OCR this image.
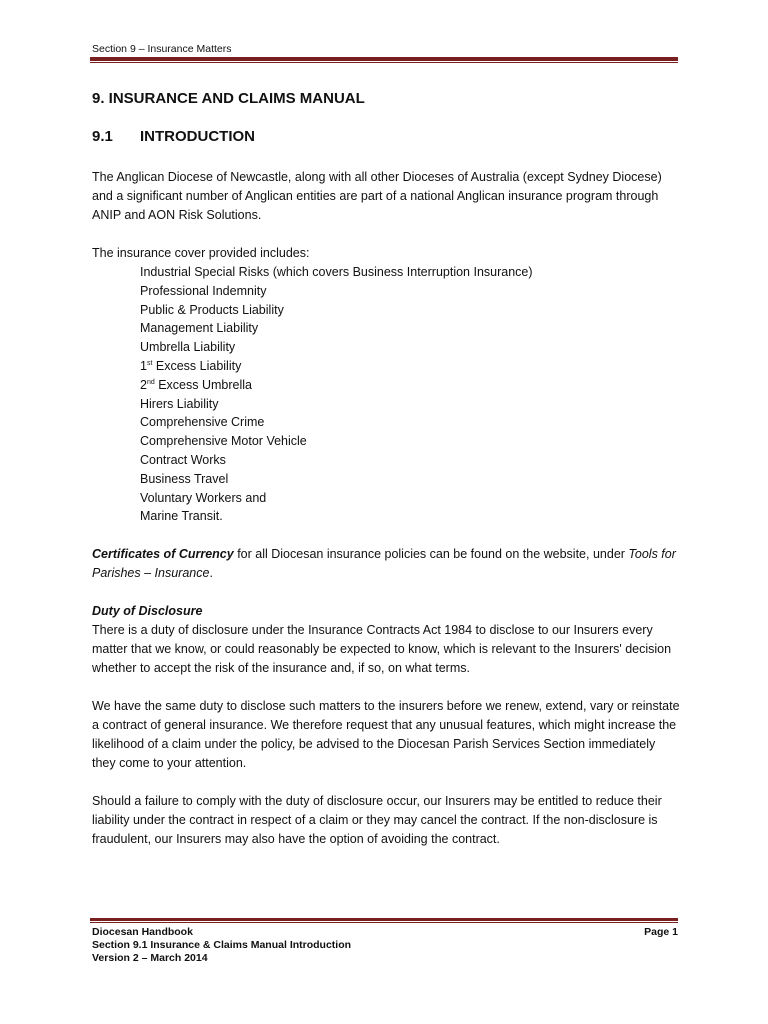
Section 9 – Insurance Matters
9. INSURANCE AND CLAIMS MANUAL
9.1 INTRODUCTION

The Anglican Diocese of Newcastle, along with all other Dioceses of Australia (except Sydney Diocese) and a significant number of Anglican entities are part of a national Anglican insurance program through ANIP and AON Risk Solutions.

The insurance cover provided includes:

Industrial Special Risks (which covers Business Interruption Insurance)
Professional Indemnity
Public & Products Liability
Management Liability
Umbrella Liability
1st Excess Liability
2nd Excess Umbrella
Hirers Liability
Comprehensive Crime
Comprehensive Motor Vehicle
Contract Works
Business Travel
Voluntary Workers and
Marine Transit.

Certificates of Currency for all Diocesan insurance policies can be found on the website, under Tools for Parishes – Insurance.

Duty of Disclosure

There is a duty of disclosure under the Insurance Contracts Act 1984 to disclose to our Insurers every matter that we know, or could reasonably be expected to know, which is relevant to the Insurers' decision whether to accept the risk of the insurance and, if so, on what terms.

We have the same duty to disclose such matters to the insurers before we renew, extend, vary or reinstate a contract of general insurance. We therefore request that any unusual features, which might increase the likelihood of a claim under the policy, be advised to the Diocesan Parish Services Section immediately they come to your attention.

Should a failure to comply with the duty of disclosure occur, our Insurers may be entitled to reduce their liability under the contract in respect of a claim or they may cancel the contract. If the non-disclosure is fraudulent, our Insurers may also have the option of avoiding the contract.

Diocesan Handbook	Page 1
Section 9.1 Insurance & Claims Manual Introduction
Version 2 – March 2014
